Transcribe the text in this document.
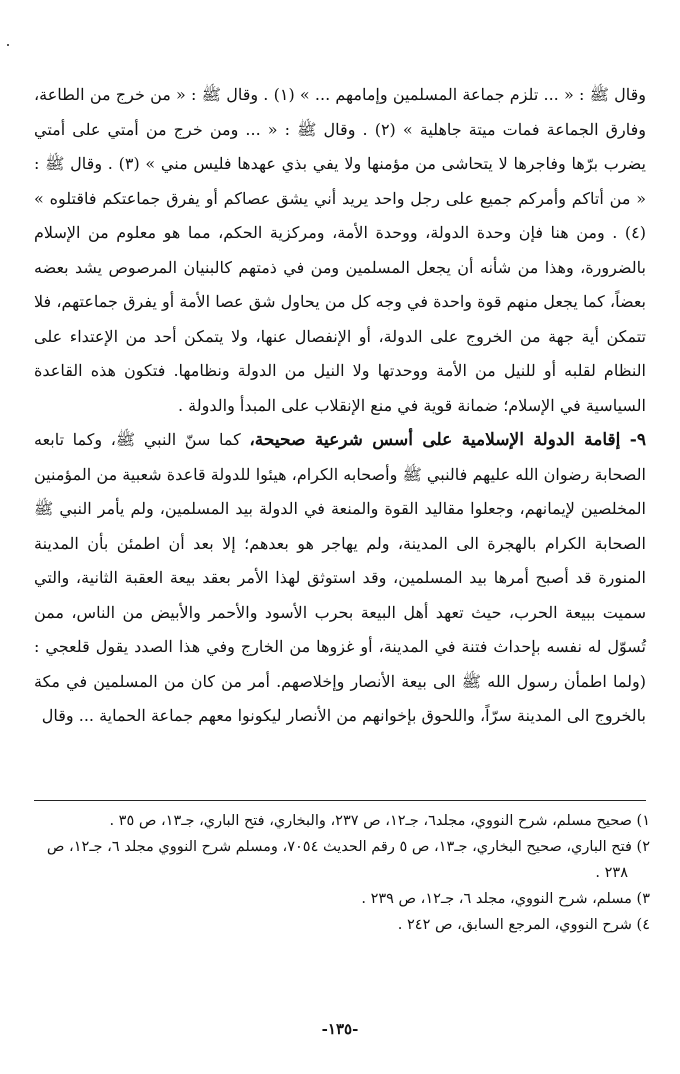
وقال ﷺ : « ... تلزم جماعة المسلمين وإمامهم ... » (١) . وقال ﷺ : « من خرج من الطاعة، وفارق الجماعة فمات ميتة جاهلية » (٢) . وقال ﷺ : « ... ومن خرج من أمتي على أمتي يضرب برّها وفاجرها لا يتحاشى من مؤمنها ولا يفي بذي عهدها فليس مني » (٣) . وقال ﷺ : « من أتاكم وأمركم جميع على رجل واحد يريد أني يشق عصاكم أو يفرق جماعتكم فاقتلوه » (٤) . ومن هنا فإن وحدة الدولة، ووحدة الأمة، ومركزية الحكم، مما هو معلوم من الإسلام بالضرورة، وهذا من شأنه أن يجعل المسلمين ومن في ذمتهم كالبنيان المرصوص يشد بعضه بعضاً، كما يجعل منهم قوة واحدة في وجه كل من يحاول شق عصا الأمة أو يفرق جماعتهم، فلا تتمكن أية جهة من الخروج على الدولة، أو الإنفصال عنها، ولا يتمكن أحد من الإعتداء على النظام لقلبه أو للنيل من الأمة ووحدتها ولا النيل من الدولة ونظامها. فتكون هذه القاعدة السياسية في الإسلام؛ ضمانة قوية في منع الإنقلاب على المبدأ والدولة .

٩- إقامة الدولة الإسلامية على أسس شرعية صحيحة، كما سنّ النبي ﷺ، وكما تابعه الصحابة رضوان الله عليهم فالنبي ﷺ وأصحابه الكرام، هيئوا للدولة قاعدة شعبية من المؤمنين المخلصين لإيمانهم، وجعلوا مقاليد القوة والمنعة في الدولة بيد المسلمين، ولم يأمر النبي ﷺ الصحابة الكرام بالهجرة الى المدينة، ولم يهاجر هو بعدهم؛ إلا بعد أن اطمئن بأن المدينة المنورة قد أصبح أمرها بيد المسلمين، وقد استوثق لهذا الأمر بعقد بيعة العقبة الثانية، والتي سميت ببيعة الحرب، حيث تعهد أهل البيعة بحرب الأسود والأحمر والأبيض من الناس، ممن تُسوّل له نفسه بإحداث فتنة في المدينة، أو غزوها من الخارج وفي هذا الصدد يقول قلعجي : (ولما اطمأن رسول الله ﷺ الى بيعة الأنصار وإخلاصهم. أمر من كان من المسلمين في مكة بالخروج الى المدينة سرّاً، واللحوق بإخوانهم من الأنصار ليكونوا معهم جماعة الحماية ... وقال

١) صحيح مسلم، شرح النووي، مجلد٦، جـ١٢، ص ٢٣٧، والبخاري، فتح الباري، جـ١٣، ص ٣٥ .

٢) فتح الباري، صحيح البخاري، جـ١٣، ص ٥ رقم الحديث ٧٠٥٤، ومسلم شرح النووي مجلد ٦، جـ١٢، ص ٢٣٨ .

٣) مسلم، شرح النووي، مجلد ٦، جـ١٢، ص ٢٣٩ .

٤) شرح النووي، المرجع السابق، ص ٢٤٢ .

-١٣٥-
